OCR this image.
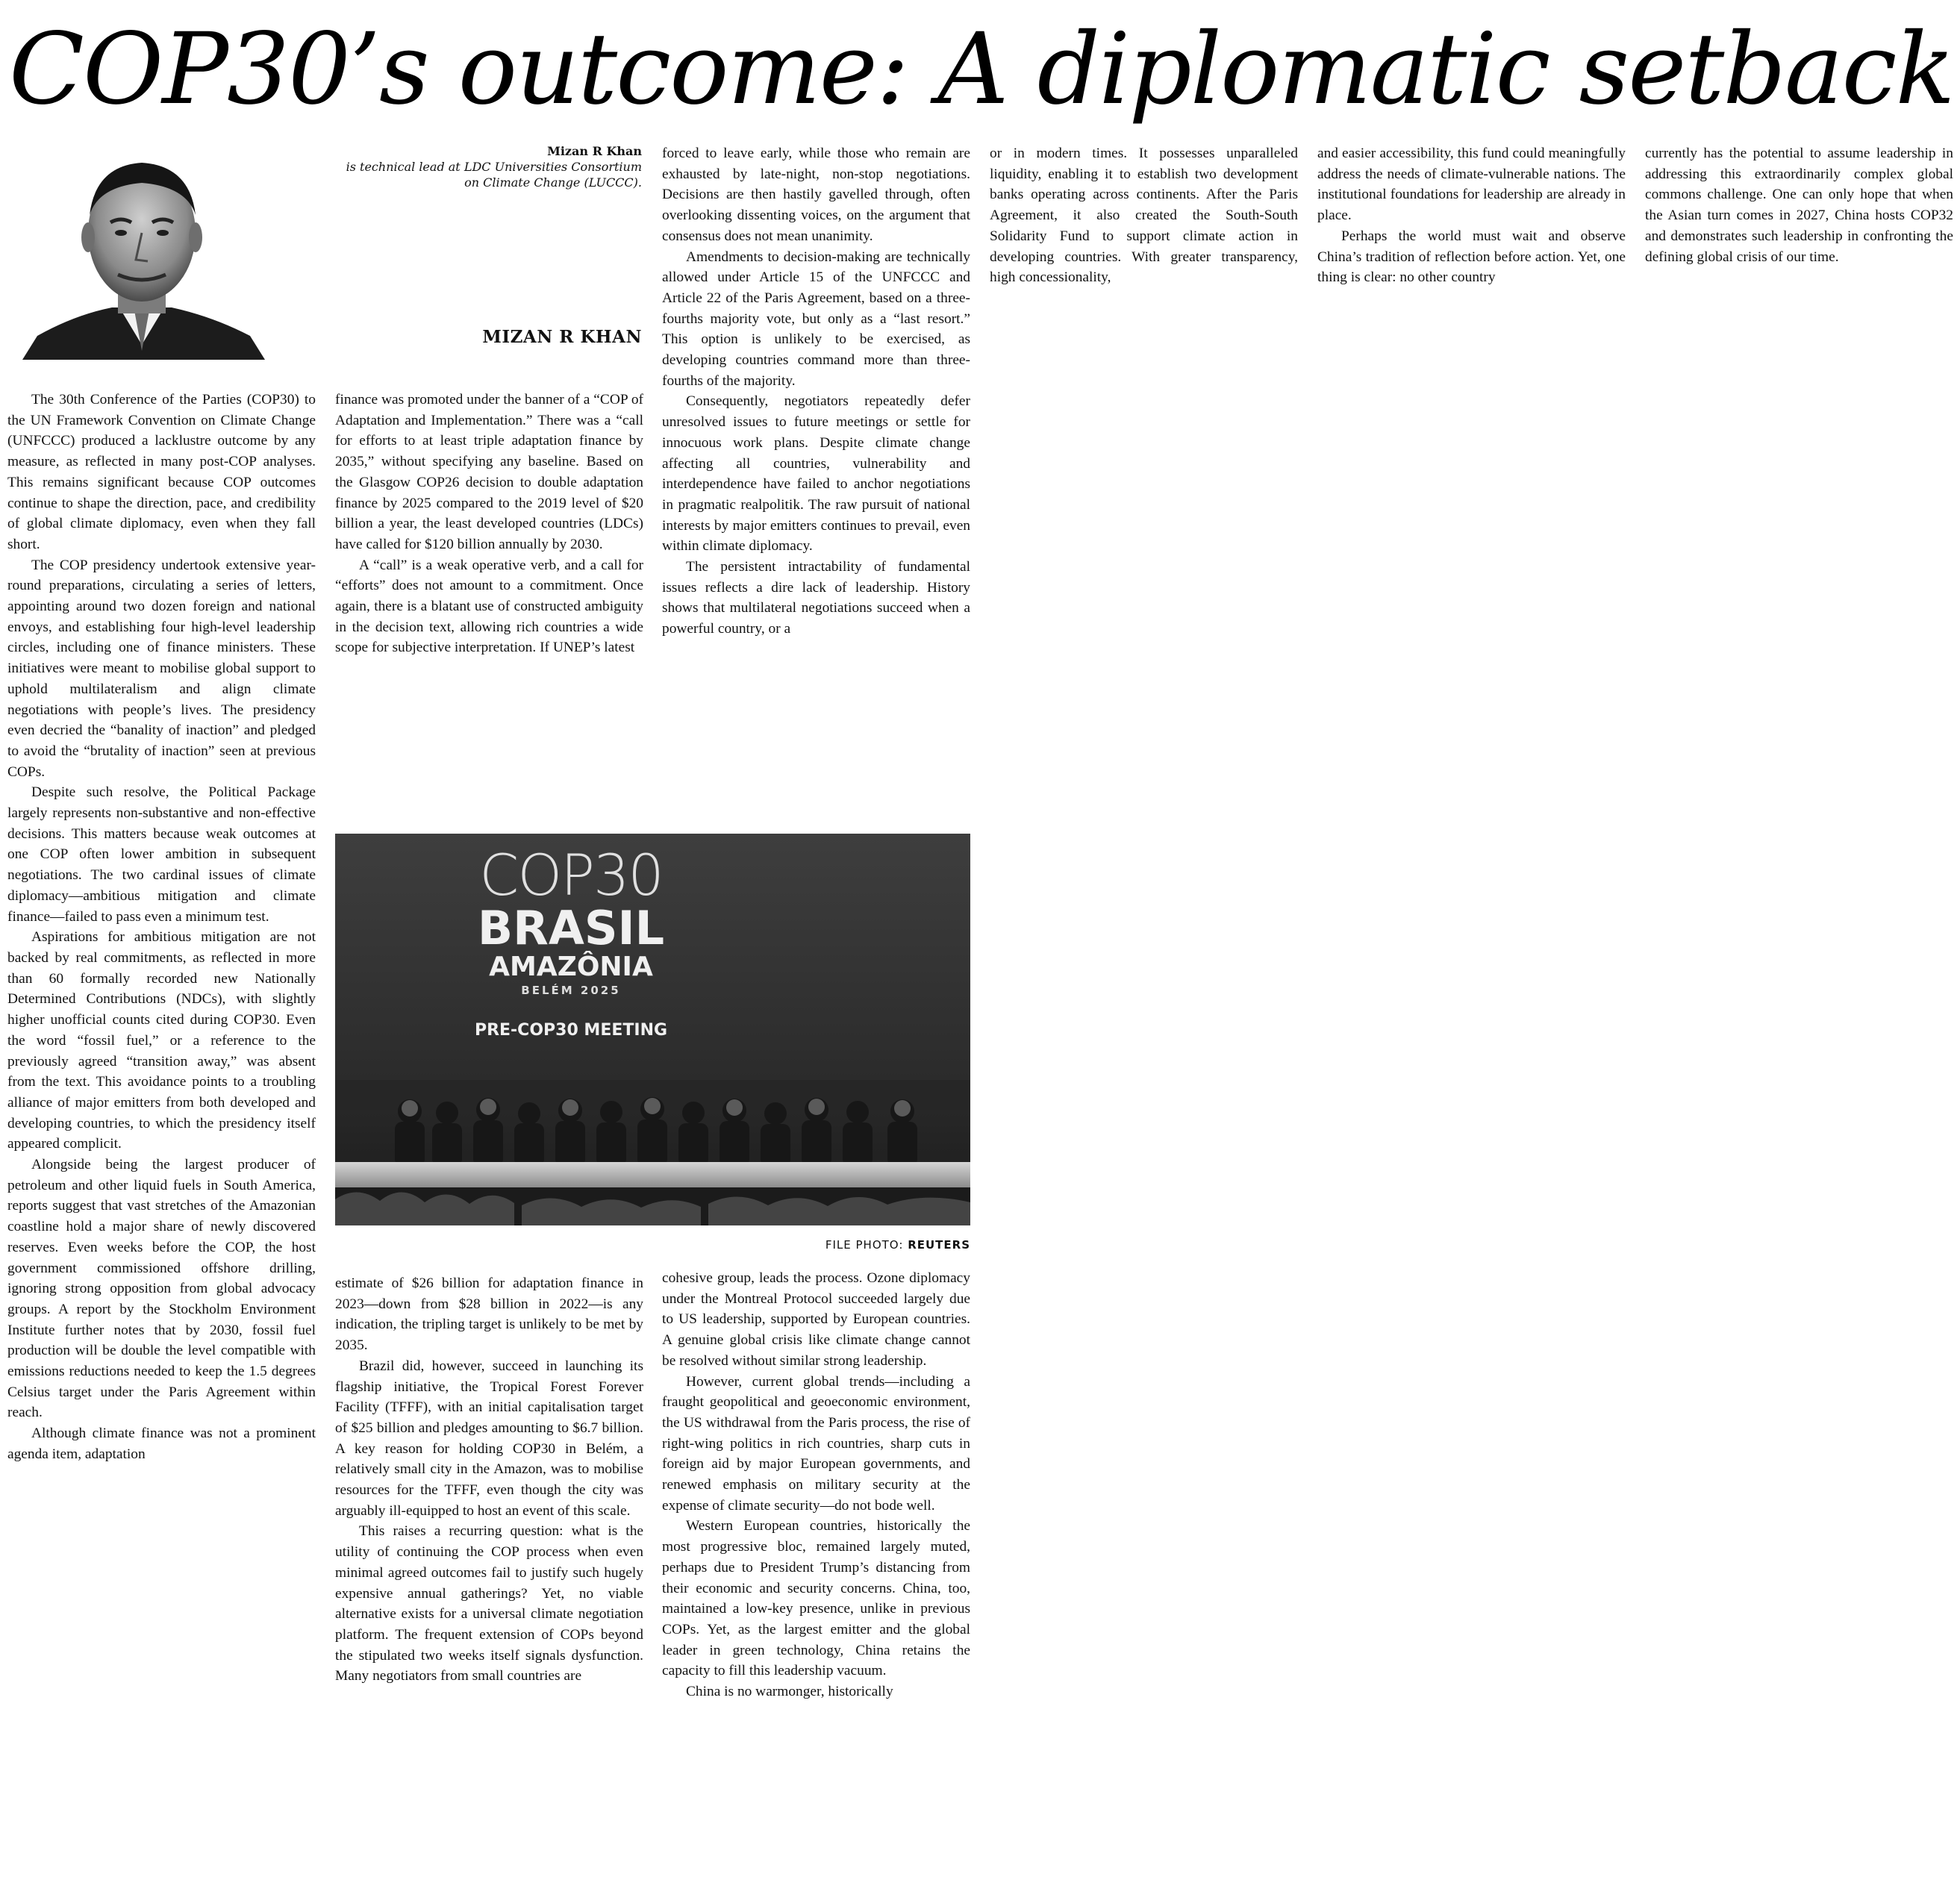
COP30’s outcome: A diplomatic setback
Mizan R Khan
is technical lead at LDC Universities Consortium on Climate Change (LUCCC).
MIZAN R KHAN

The 30th Conference of the Parties (COP30) to the UN Framework Convention on Climate Change (UNFCCC) produced a lacklustre outcome by any measure, as reflected in many post-COP analyses. This remains significant because COP outcomes continue to shape the direction, pace, and credibility of global climate diplomacy, even when they fall short.

The COP presidency undertook extensive year-round preparations, circulating a series of letters, appointing around two dozen foreign and national envoys, and establishing four high-level leadership circles, including one of finance ministers. These initiatives were meant to mobilise global support to uphold multilateralism and align climate negotiations with people’s lives. The presidency even decried the “banality of inaction” and pledged to avoid the “brutality of inaction” seen at previous COPs.

Despite such resolve, the Political Package largely represents non-substantive and non-effective decisions. This matters because weak outcomes at one COP often lower ambition in subsequent negotiations. The two cardinal issues of climate diplomacy—ambitious mitigation and climate finance—failed to pass even a minimum test.

Aspirations for ambitious mitigation are not backed by real commitments, as reflected in more than 60 formally recorded new Nationally Determined Contributions (NDCs), with slightly higher unofficial counts cited during COP30. Even the word “fossil fuel,” or a reference to the previously agreed “transition away,” was absent from the text. This avoidance points to a troubling alliance of major emitters from both developed and developing countries, to which the presidency itself appeared complicit.

Alongside being the largest producer of petroleum and other liquid fuels in South America, reports suggest that vast stretches of the Amazonian coastline hold a major share of newly discovered reserves. Even weeks before the COP, the host government commissioned offshore drilling, ignoring strong opposition from global advocacy groups. A report by the Stockholm Environment Institute further notes that by 2030, fossil fuel production will be double the level compatible with emissions reductions needed to keep the 1.5 degrees Celsius target under the Paris Agreement within reach.

Although climate finance was not a prominent agenda item, adaptation

finance was promoted under the banner of a “COP of Adaptation and Implementation.” There was a “call for efforts to at least triple adaptation finance by 2035,” without specifying any baseline. Based on the Glasgow COP26 decision to double adaptation finance by 2025 compared to the 2019 level of $20 billion a year, the least developed countries (LDCs) have called for $120 billion annually by 2030.

A “call” is a weak operative verb, and a call for “efforts” does not amount to a commitment. Once again, there is a blatant use of constructed ambiguity in the decision text, allowing rich countries a wide scope for subjective interpretation. If UNEP’s latest

forced to leave early, while those who remain are exhausted by late-night, non-stop negotiations. Decisions are then hastily gavelled through, often overlooking dissenting voices, on the argument that consensus does not mean unanimity.

Amendments to decision-making are technically allowed under Article 15 of the UNFCCC and Article 22 of the Paris Agreement, based on a three-fourths majority vote, but only as a “last resort.” This option is unlikely to be exercised, as developing countries command more than three-fourths of the majority.

Consequently, negotiators repeatedly defer unresolved issues to future meetings or settle for innocuous work plans. Despite climate change affecting all countries, vulnerability and interdependence have failed to anchor negotiations in pragmatic realpolitik. The raw pursuit of national interests by major emitters continues to prevail, even within climate diplomacy.

The persistent intractability of fundamental issues reflects a dire lack of leadership. History shows that multilateral negotiations succeed when a powerful country, or a

COP30
BRASIL
AMAZÔNIA
BELÉM 2025
PRE-COP30 MEETING
FILE PHOTO: REUTERS

estimate of $26 billion for adaptation finance in 2023—down from $28 billion in 2022—is any indication, the tripling target is unlikely to be met by 2035.

Brazil did, however, succeed in launching its flagship initiative, the Tropical Forest Forever Facility (TFFF), with an initial capitalisation target of $25 billion and pledges amounting to $6.7 billion. A key reason for holding COP30 in Belém, a relatively small city in the Amazon, was to mobilise resources for the TFFF, even though the city was arguably ill-equipped to host an event of this scale.

This raises a recurring question: what is the utility of continuing the COP process when even minimal agreed outcomes fail to justify such hugely expensive annual gatherings? Yet, no viable alternative exists for a universal climate negotiation platform. The frequent extension of COPs beyond the stipulated two weeks itself signals dysfunction. Many negotiators from small countries are

cohesive group, leads the process. Ozone diplomacy under the Montreal Protocol succeeded largely due to US leadership, supported by European countries. A genuine global crisis like climate change cannot be resolved without similar strong leadership.

However, current global trends—including a fraught geopolitical and geoeconomic environment, the US withdrawal from the Paris process, the rise of right-wing politics in rich countries, sharp cuts in foreign aid by major European governments, and renewed emphasis on military security at the expense of climate security—do not bode well.

Western European countries, historically the most progressive bloc, remained largely muted, perhaps due to President Trump’s distancing from their economic and security concerns. China, too, maintained a low-key presence, unlike in previous COPs. Yet, as the largest emitter and the global leader in green technology, China retains the capacity to fill this leadership vacuum.

China is no warmonger, historically

or in modern times. It possesses unparalleled liquidity, enabling it to establish two development banks operating across continents. After the Paris Agreement, it also created the South-South Solidarity Fund to support climate action in developing countries. With greater transparency, high concessionality,

and easier accessibility, this fund could meaningfully address the needs of climate-vulnerable nations. The institutional foundations for leadership are already in place.

Perhaps the world must wait and observe China’s tradition of reflection before action. Yet, one thing is clear: no other country

currently has the potential to assume leadership in addressing this extraordinarily complex global commons challenge. One can only hope that when the Asian turn comes in 2027, China hosts COP32 and demonstrates such leadership in confronting the defining global crisis of our time.
